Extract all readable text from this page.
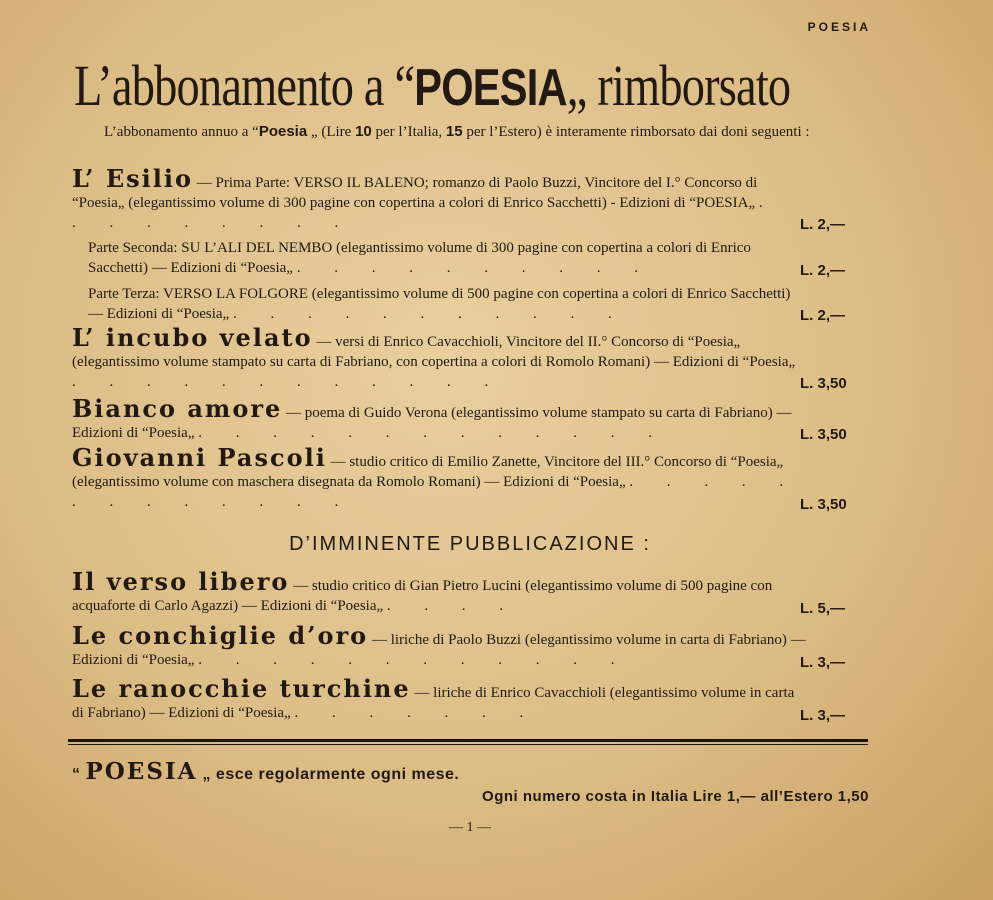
POESIA
L’abbonamento a “POESIA„ rimborsato
L’abbonamento annuo a “Poesia „ (Lire 10 per l’Italia, 15 per l’Estero) è interamente rimborsato dai doni seguenti :
L’ Esilio — Prima Parte: VERSO IL BALENO; romanzo di Paolo Buzzi, Vincitore del I.° Concorso di “Poesia„ (elegantissimo volume di 300 pagine con copertina a colori di Enrico Sacchetti) - Edizioni di “POESIA„ . . . . . . . . .	L. 2,—
Parte Seconda: SU L’ALI DEL NEMBO (elegantissimo volume di 300 pagine con copertina a colori di Enrico Sacchetti) — Edizioni di “Poesia„ . . . . . . . . . .	L. 2,—
Parte Terza: VERSO LA FOLGORE (elegantissimo volume di 500 pagine con copertina a colori di Enrico Sacchetti) — Edizioni di “Poesia„ . . . . . . . . . . .	L. 2,—
L’ incubo velato — versi di Enrico Cavacchioli, Vincitore del II.° Concorso di “Poesia„ (elegantissimo volume stampato su carta di Fabriano, con copertina a colori di Romolo Romani) — Edizioni di “Poesia„ . . . . . . . . . . . .	L. 3,50
Bianco amore — poema di Guido Verona (elegantissimo volume stampato su carta di Fabriano) — Edizioni di “Poesia„ . . . . . . . . . . . . .	L. 3,50
Giovanni Pascoli — studio critico di Emilio Zanette, Vincitore del III.° Concorso di “Poesia„ (elegantissimo volume con maschera disegnata da Romolo Romani) — Edizioni di “Poesia„ . . . . . . . . . . . . .	L. 3,50
D’IMMINENTE PUBBLICAZIONE :
Il verso libero — studio critico di Gian Pietro Lucini (elegantissimo volume di 500 pagine con acquaforte di Carlo Agazzi) — Edizioni di “Poesia„ . . . .	L. 5,—
Le conchiglie d’oro — liriche di Paolo Buzzi (elegantissimo volume in carta di Fabriano) — Edizioni di “Poesia„ . . . . . . . . . . . .	L. 3,—
Le ranocchie turchine — liriche di Enrico Cavacchioli (elegantissimo volume in carta di Fabriano) — Edizioni di “Poesia„ . . . . . . .	L. 3,—
“ POESIA „ esce regolarmente ogni mese.
Ogni numero costa in Italia Lire 1,— all’Estero 1,50
— 1 —
